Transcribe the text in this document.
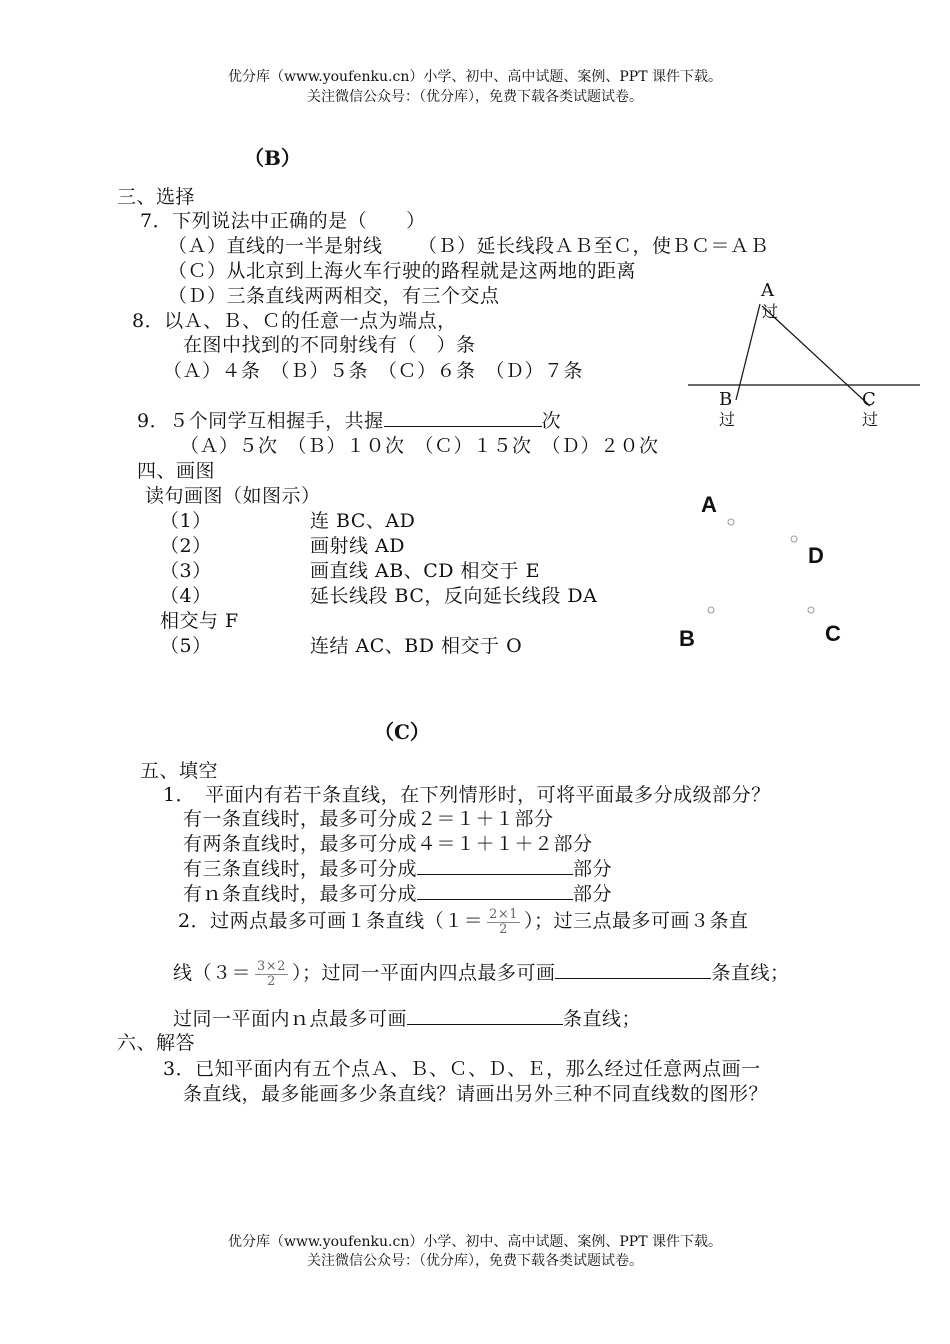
优分库（www.youfenku.cn）小学、初中、高中试题、案例、PPT 课件下载。
关注微信公众号：（优分库），免费下载各类试题试卷。
（B）
三、选择
7．下列说法中正确的是（　　）
（Ａ）直线的一半是射线 （Ｂ）延长线段ＡＢ至Ｃ，使ＢＣ＝ＡＢ
（Ｃ）从北京到上海火车行驶的路程就是这两地的距离
（Ｄ）三条直线两两相交，有三个交点
8．以Ａ、Ｂ、Ｃ的任意一点为端点，
在图中找到的不同射线有（　）条
（Ａ）４条　（Ｂ）５条　（Ｃ）６条　（Ｄ）７条
9．５个同学互相握手，共握	次
（Ａ）５次　（Ｂ）１０次　（Ｃ）１５次　（Ｄ）２０次
A
过
B
过
C
过
四、画图
读句画图（如图示）
（1）	连 BC、AD
（2）	画射线 AD
（3）	画直线 AB、CD 相交于 E
（4）	延长线段 BC，反向延长线段 DA
相交与 F
（5）	连结 AC、BD 相交于 O
A
D
B	C
（C）
五、填空
1．　平面内有若干条直线，在下列情形时，可将平面最多分成级部分？
有一条直线时，最多可分成２＝１＋１部分
有两条直线时，最多可分成４＝１＋１＋２部分
有三条直线时，最多可分成	部分
有ｎ条直线时，最多可分成	部分
2．过两点最多可画１条直线（$1= \frac{2\times 1}{2}$ ）；过三点最多可画３条直
线（$3= \frac{3\times 2}{2}$ ）；过同一平面内四点最多可画	条直线；
过同一平面内ｎ点最多可画	条直线；
六、解答
3．已知平面内有五个点Ａ、Ｂ、Ｃ、Ｄ、Ｅ，那么经过任意两点画一
条直线，最多能画多少条直线？请画出另外三种不同直线数的图形？
优分库（www.youfenku.cn）小学、初中、高中试题、案例、PPT 课件下载。
关注微信公众号：（优分库），免费下载各类试题试卷。
